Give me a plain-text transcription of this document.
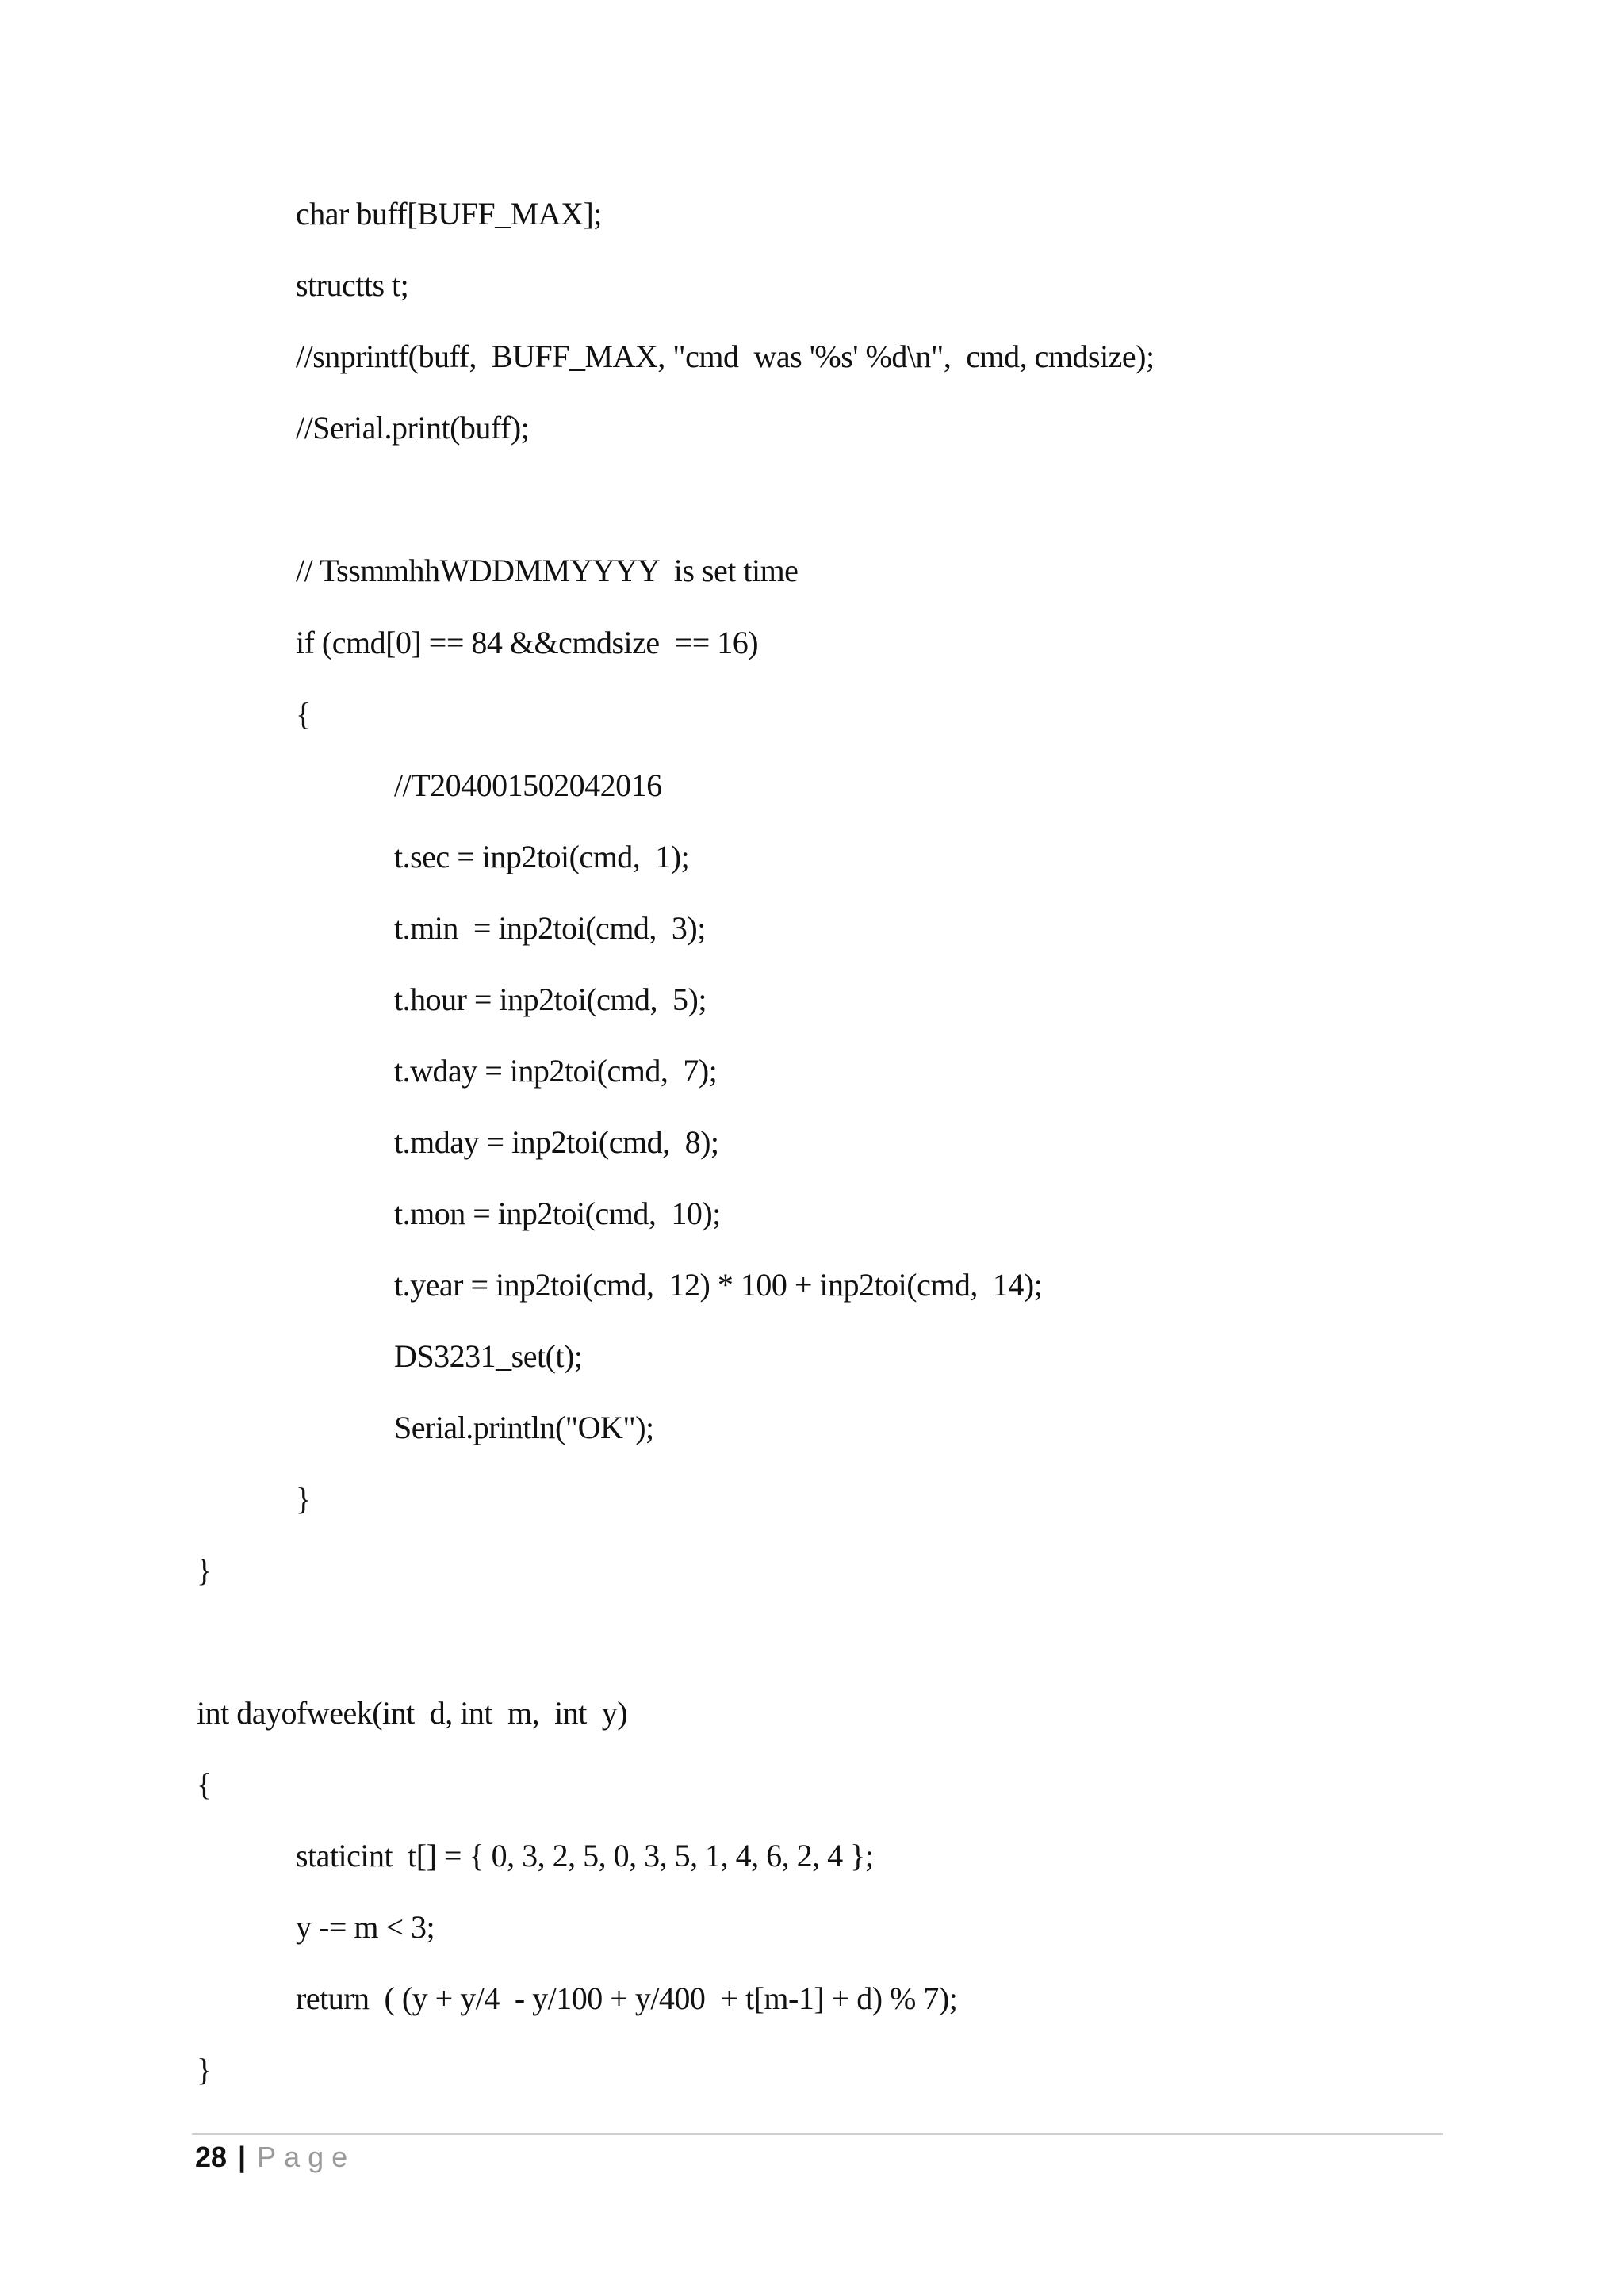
char buff[BUFF_MAX];
structts t;
//snprintf(buff,  BUFF_MAX, "cmd  was '%s' %d\n",  cmd, cmdsize);
//Serial.print(buff);
// TssmmhhWDDMMYYYY  is set time
if (cmd[0] == 84 &&cmdsize  == 16)
{
//T204001502042016
t.sec = inp2toi(cmd,  1);
t.min  = inp2toi(cmd,  3);
t.hour = inp2toi(cmd,  5);
t.wday = inp2toi(cmd,  7);
t.mday = inp2toi(cmd,  8);
t.mon = inp2toi(cmd,  10);
t.year = inp2toi(cmd,  12) * 100 + inp2toi(cmd,  14);
DS3231_set(t);
Serial.println("OK");
}
}
int dayofweek(int  d, int  m,  int  y)
{
staticint  t[] = { 0, 3, 2, 5, 0, 3, 5, 1, 4, 6, 2, 4 };
y -= m < 3;
return  ( (y + y/4  - y/100 + y/400  + t[m-1] + d) % 7);
}
28 | Page
